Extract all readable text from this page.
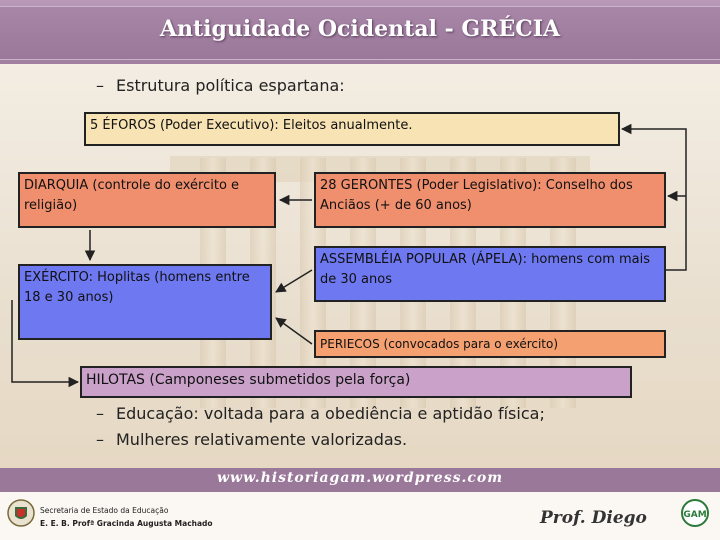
Antiguidade Ocidental - GRÉCIA
– Estrutura política espartana:
5 ÉFOROS (Poder Executivo): Eleitos anualmente.
DIARQUIA (controle do exército e religião)
28 GERONTES (Poder Legislativo): Conselho dos Anciãos (+ de 60 anos)
EXÉRCITO: Hoplitas (homens entre 18 e 30 anos)
ASSEMBLÉIA POPULAR (ÁPELA): homens com mais de 30 anos
PERIECOS (convocados para o exército)
HILOTAS (Camponeses submetidos pela força)
– Educação: voltada para a obediência e aptidão física;
– Mulheres relativamente valorizadas.
www.historiagam.wordpress.com
Secretaria de Estado da Educação
E. E. B. Profª Gracinda Augusta Machado	Prof. Diego	GAM
